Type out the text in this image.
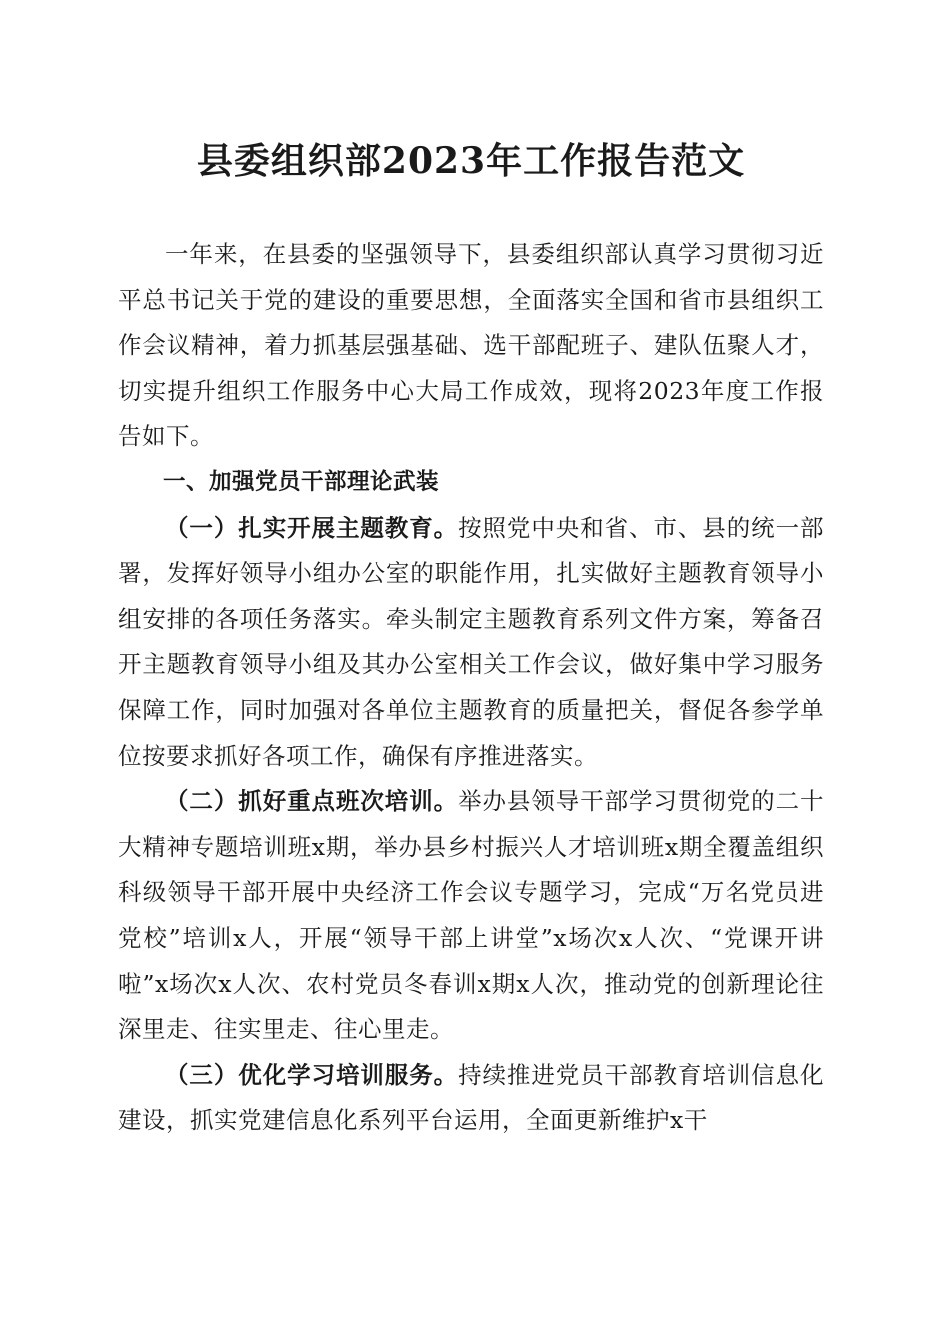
县委组织部2023年工作报告范文

一年来，在县委的坚强领导下，县委组织部认真学习贯彻习近平总书记关于党的建设的重要思想，全面落实全国和省市县组织工作会议精神，着力抓基层强基础、选干部配班子、建队伍聚人才，切实提升组织工作服务中心大局工作成效，现将2023年度工作报告如下。

一、加强党员干部理论武装

（一）扎实开展主题教育。按照党中央和省、市、县的统一部署，发挥好领导小组办公室的职能作用，扎实做好主题教育领导小组安排的各项任务落实。牵头制定主题教育系列文件方案，筹备召开主题教育领导小组及其办公室相关工作会议，做好集中学习服务保障工作，同时加强对各单位主题教育的质量把关，督促各参学单位按要求抓好各项工作，确保有序推进落实。

（二）抓好重点班次培训。举办县领导干部学习贯彻党的二十大精神专题培训班x期，举办县乡村振兴人才培训班x期全覆盖组织科级领导干部开展中央经济工作会议专题学习，完成“万名党员进党校”培训x人，开展“领导干部上讲堂”x场次x人次、“党课开讲啦”x场次x人次、农村党员冬春训x期x人次，推动党的创新理论往深里走、往实里走、往心里走。

（三）优化学习培训服务。持续推进党员干部教育培训信息化建设，抓实党建信息化系列平台运用，全面更新维护x干
